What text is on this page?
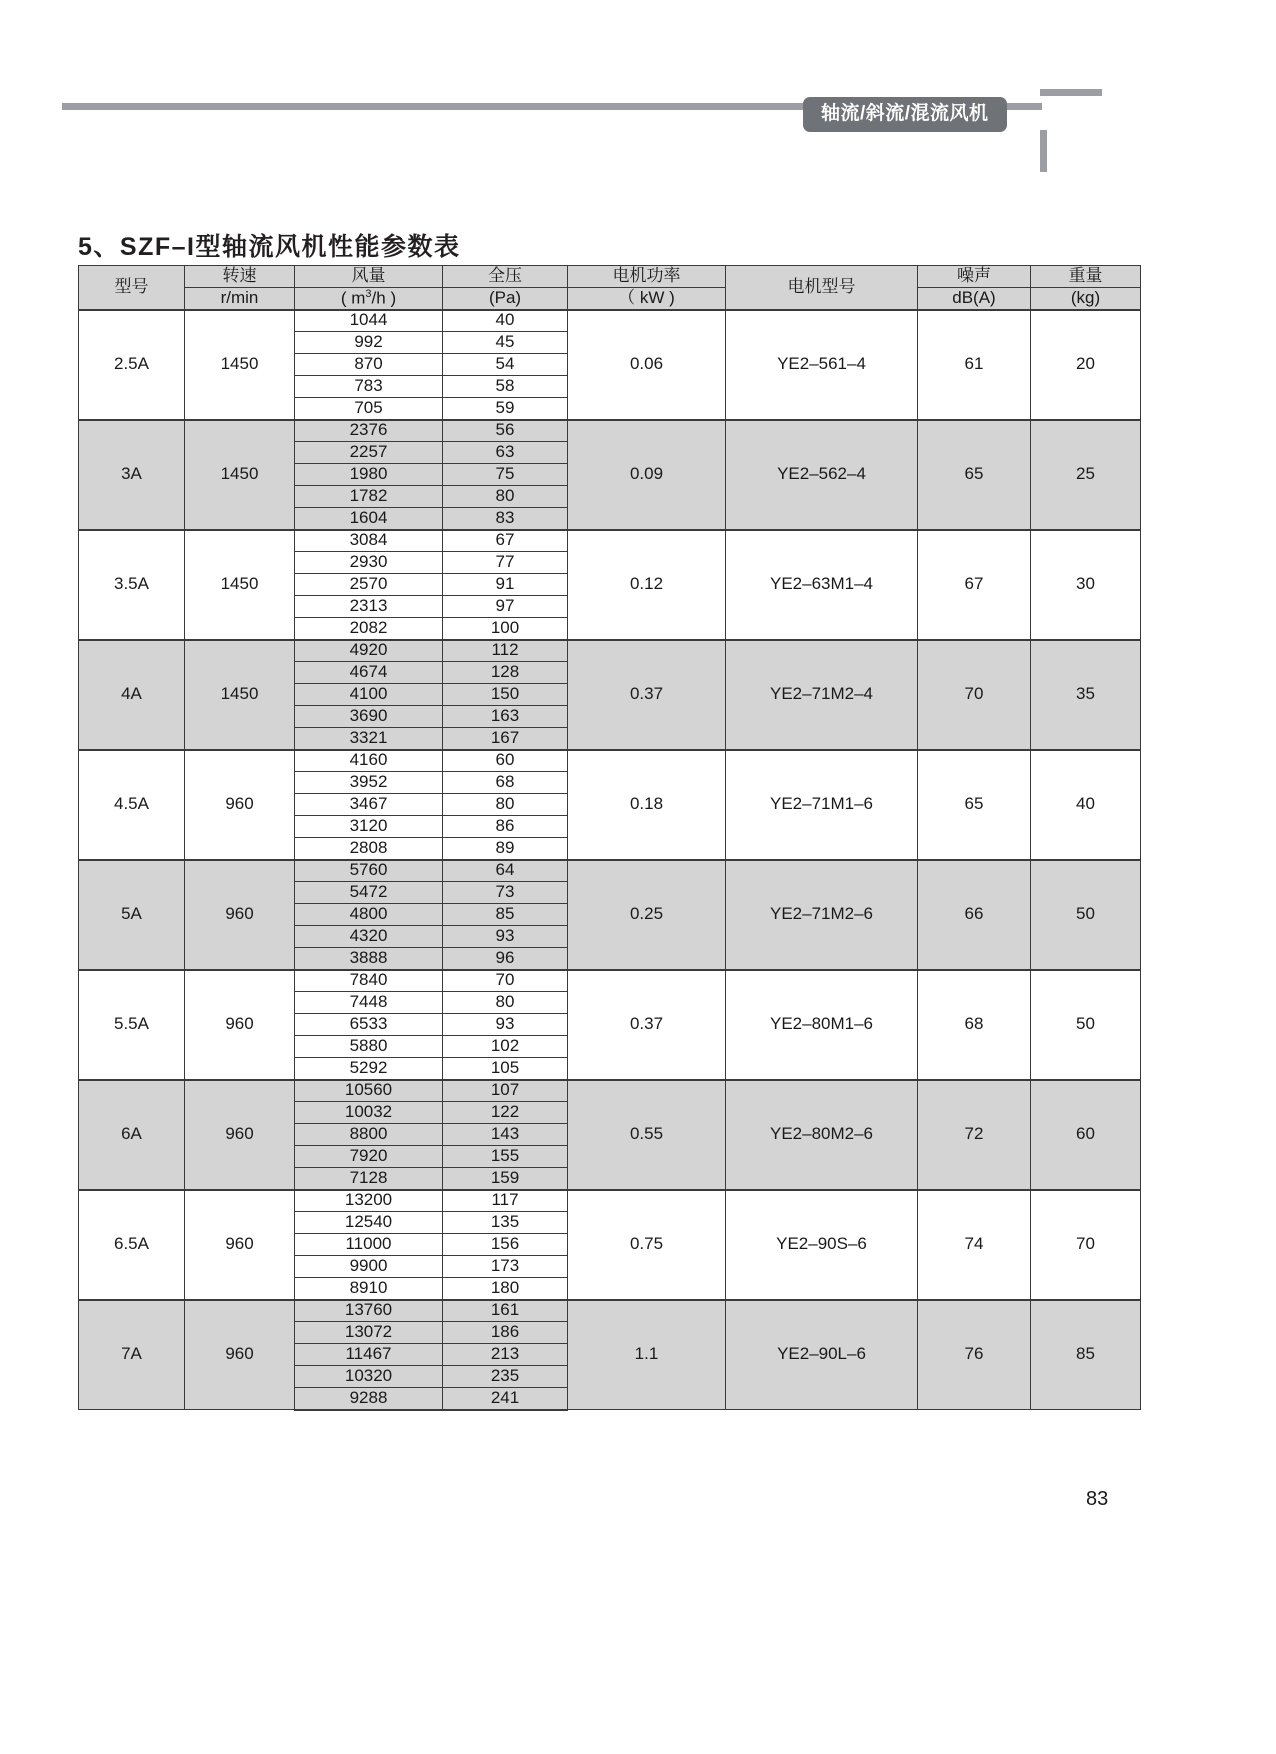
轴流/斜流/混流风机
5、SZF–I型轴流风机性能参数表
型号	转速	风量	全压	电机功率	电机型号	噪声	重量
	r/min	( $m^3/h$ )	(Pa)	（ kW )		dB(A)	(kg)
2.5A	1450	1044	40	0.06	YE2–561–4	61	20
		992	45				
		870	54				
		783	58				
		705	59				
3A	1450	2376	56	0.09	YE2–562–4	65	25
		2257	63				
		1980	75				
		1782	80				
		1604	83				
3.5A	1450	3084	67	0.12	YE2–63M1–4	67	30
		2930	77				
		2570	91				
		2313	97				
		2082	100				
4A	1450	4920	112	0.37	YE2–71M2–4	70	35
		4674	128				
		4100	150				
		3690	163				
		3321	167				
4.5A	960	4160	60	0.18	YE2–71M1–6	65	40
		3952	68				
		3467	80				
		3120	86				
		2808	89				
5A	960	5760	64	0.25	YE2–71M2–6	66	50
		5472	73				
		4800	85				
		4320	93				
		3888	96				
5.5A	960	7840	70	0.37	YE2–80M1–6	68	50
		7448	80				
		6533	93				
		5880	102				
		5292	105				
6A	960	10560	107	0.55	YE2–80M2–6	72	60
		10032	122				
		8800	143				
		7920	155				
		7128	159				
6.5A	960	13200	117	0.75	YE2–90S–6	74	70
		12540	135				
		11000	156				
		9900	173				
		8910	180				
7A	960	13760	161	1.1	YE2–90L–6	76	85
		13072	186				
		11467	213				
		10320	235				
		9288	241				
83
